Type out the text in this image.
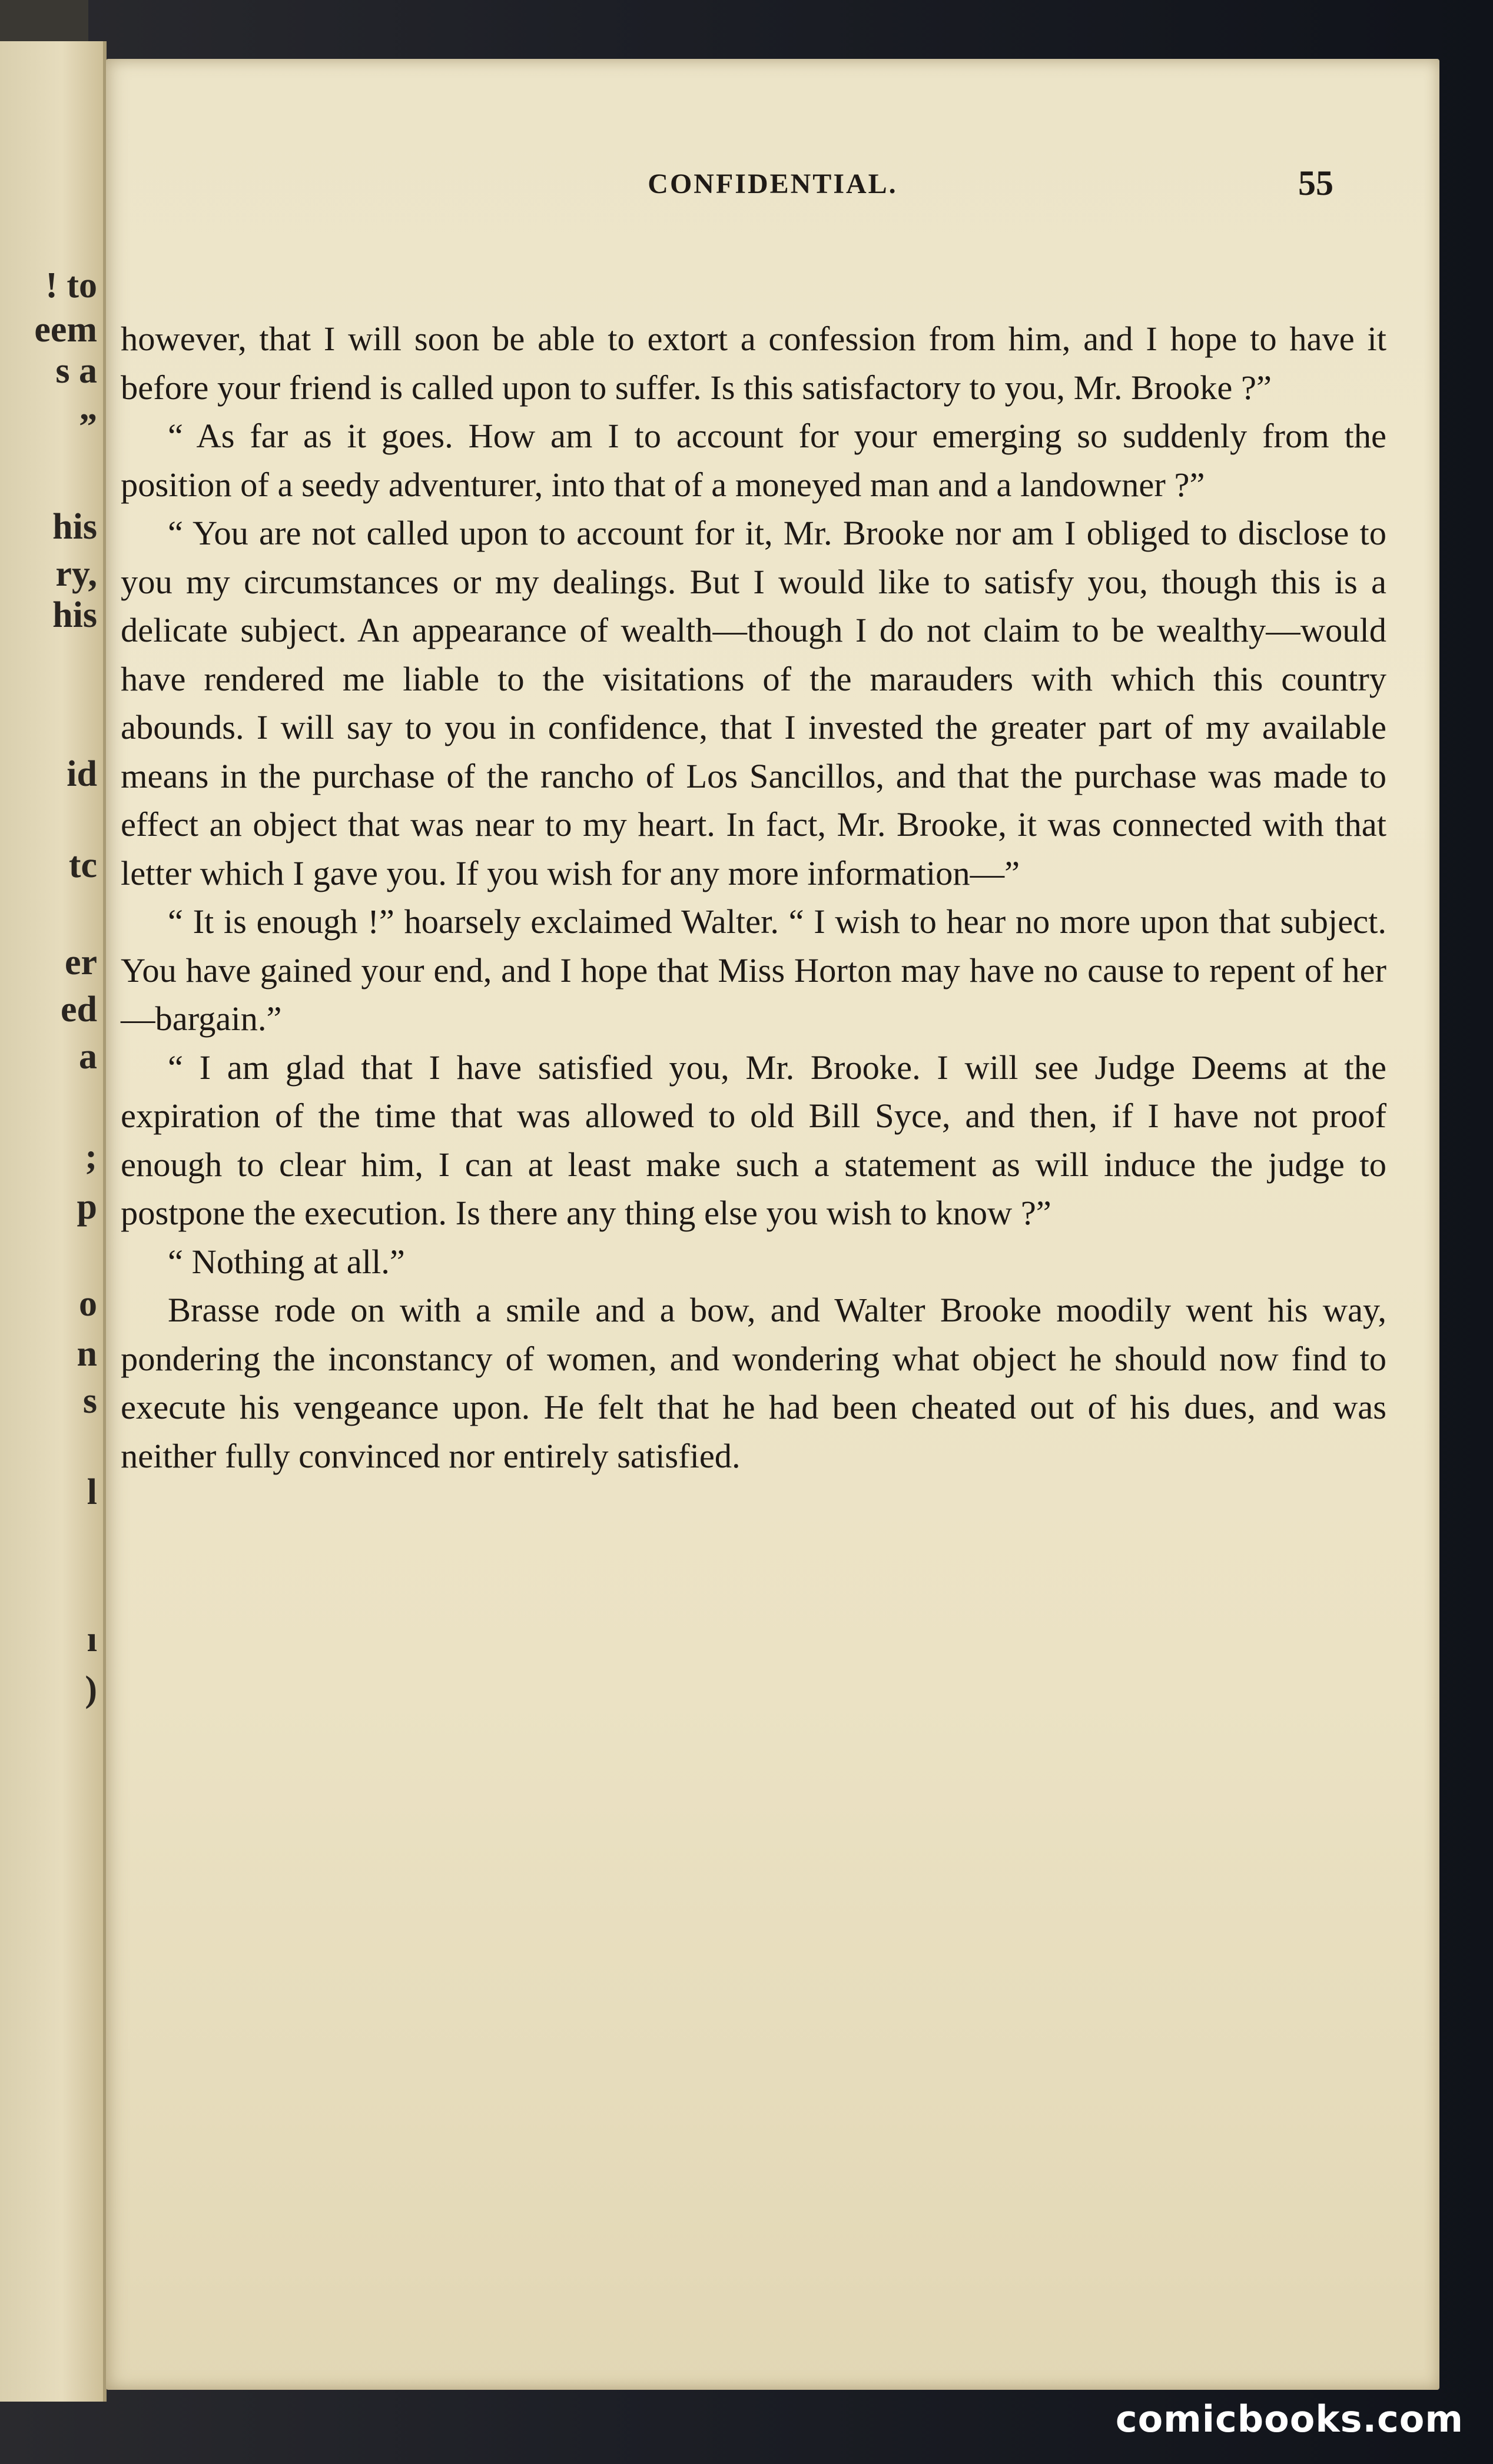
! to
eem
s a
”
his
ry,
his
id
tc
er
ed
a
;
p
o
n
s
l
ı
)
CONFIDENTIAL.	55

however, that I will soon be able to extort a confession from him, and I hope to have it before your friend is called upon to suffer. Is this satisfactory to you, Mr. Brooke ?”

“ As far as it goes. How am I to account for your emerging so suddenly from the position of a seedy adventurer, into that of a moneyed man and a landowner ?”

“ You are not called upon to account for it, Mr. Brooke nor am I obliged to disclose to you my circumstances or my dealings. But I would like to satisfy you, though this is a delicate subject. An appearance of wealth—though I do not claim to be wealthy—would have rendered me liable to the visitations of the marauders with which this country abounds. I will say to you in confidence, that I invested the greater part of my available means in the purchase of the rancho of Los Sancillos, and that the purchase was made to effect an object that was near to my heart. In fact, Mr. Brooke, it was connected with that letter which I gave you. If you wish for any more information—”

“ It is enough !” hoarsely exclaimed Walter. “ I wish to hear no more upon that subject. You have gained your end, and I hope that Miss Horton may have no cause to repent of her—bargain.”

“ I am glad that I have satisfied you, Mr. Brooke. I will see Judge Deems at the expiration of the time that was allowed to old Bill Syce, and then, if I have not proof enough to clear him, I can at least make such a statement as will induce the judge to postpone the execution. Is there any thing else you wish to know ?”

“ Nothing at all.”

Brasse rode on with a smile and a bow, and Walter Brooke moodily went his way, pondering the inconstancy of women, and wondering what object he should now find to execute his vengeance upon. He felt that he had been cheated out of his dues, and was neither fully convinced nor entirely satisfied.

comicbooks.com
